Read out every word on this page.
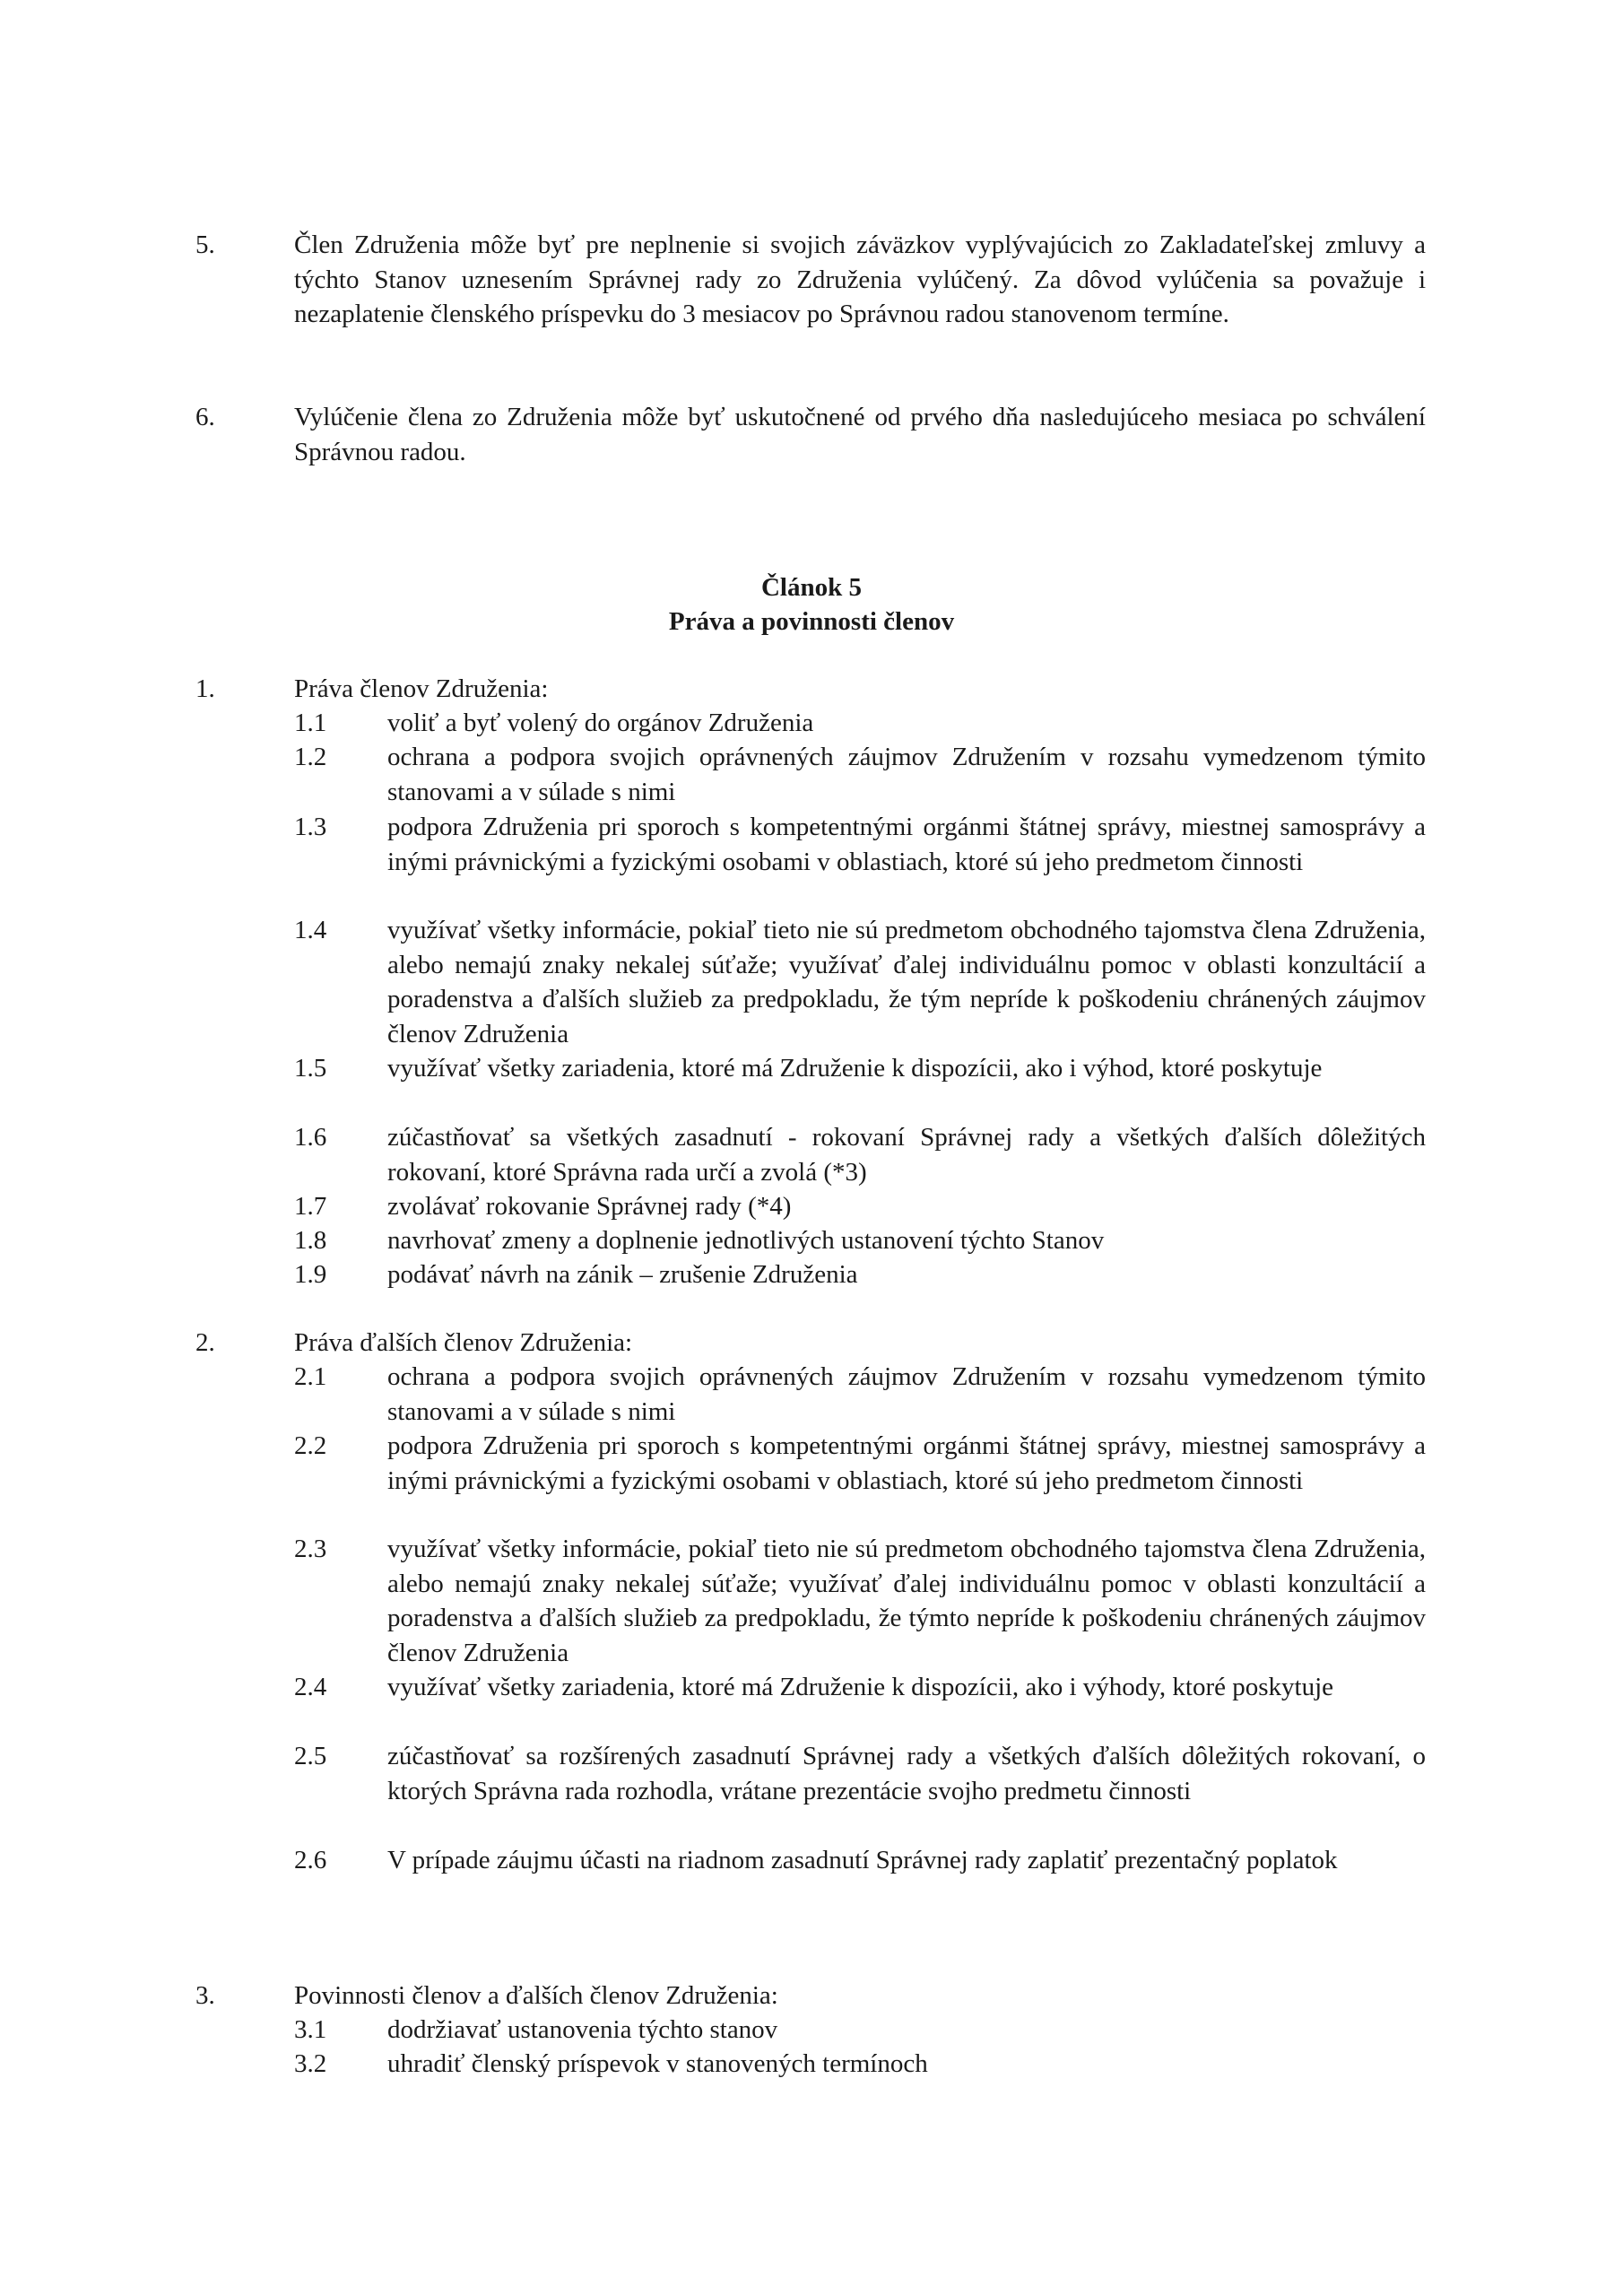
5.	Člen Združenia môže byť pre neplnenie si svojich záväzkov vyplývajúcich zo Zakladateľskej zmluvy a týchto Stanov uznesením Správnej rady zo Združenia vylúčený. Za dôvod vylúčenia sa považuje i nezaplatenie členského príspevku do 3 mesiacov po Správnou radou stanovenom termíne.
6.	Vylúčenie člena zo Združenia môže byť uskutočnené od prvého dňa nasledujúceho mesiaca po schválení Správnou radou.
Článok 5
Práva a povinnosti členov
1.	Práva členov Združenia:
1.1 voliť a byť volený do orgánov Združenia
1.2 ochrana a podpora svojich oprávnených záujmov Združením v rozsahu vymedzenom týmito stanovami a v súlade s nimi
1.3 podpora Združenia pri sporoch s kompetentnými orgánmi štátnej správy, miestnej samosprávy a inými právnickými a fyzickými osobami v oblastiach, ktoré sú jeho predmetom činnosti
1.4 využívať všetky informácie, pokiaľ tieto nie sú predmetom obchodného tajomstva člena Združenia, alebo nemajú znaky nekalej súťaže; využívať ďalej individuálnu pomoc v oblasti konzultácií a poradenstva a ďalších služieb za predpokladu, že tým nepríde k poškodeniu chránených záujmov členov Združenia
1.5 využívať všetky zariadenia, ktoré má Združenie k dispozícii, ako i výhod, ktoré poskytuje
1.6 zúčastňovať sa všetkých zasadnutí - rokovaní Správnej rady a všetkých ďalších dôležitých rokovaní, ktoré Správna rada určí a zvolá (*3)
1.7 zvolávať rokovanie Správnej rady (*4)
1.8 navrhovať zmeny a doplnenie jednotlivých ustanovení týchto Stanov
1.9 podávať návrh na zánik – zrušenie Združenia
2.	Práva ďalších členov Združenia:
2.1 ochrana a podpora svojich oprávnených záujmov Združením v rozsahu vymedzenom týmito stanovami a v súlade s nimi
2.2 podpora Združenia pri sporoch s kompetentnými orgánmi štátnej správy, miestnej samosprávy a inými právnickými a fyzickými osobami v oblastiach, ktoré sú jeho predmetom činnosti
2.3 využívať všetky informácie, pokiaľ tieto nie sú predmetom obchodného tajomstva člena Združenia, alebo nemajú znaky nekalej súťaže; využívať ďalej individuálnu pomoc v oblasti konzultácií a poradenstva a ďalších služieb za predpokladu, že týmto nepríde k poškodeniu chránených záujmov členov Združenia
2.4 využívať všetky zariadenia, ktoré má Združenie k dispozícii, ako i výhody, ktoré poskytuje
2.5 zúčastňovať sa rozšírených zasadnutí Správnej rady a všetkých ďalších dôležitých rokovaní, o ktorých Správna rada rozhodla, vrátane prezentácie svojho predmetu činnosti
2.6 V prípade záujmu účasti na riadnom zasadnutí Správnej rady zaplatiť prezentačný poplatok
3.	Povinnosti členov a ďalších členov Združenia:
3.1 dodržiavať ustanovenia týchto stanov
3.2 uhradiť členský príspevok v stanovených termínoch
